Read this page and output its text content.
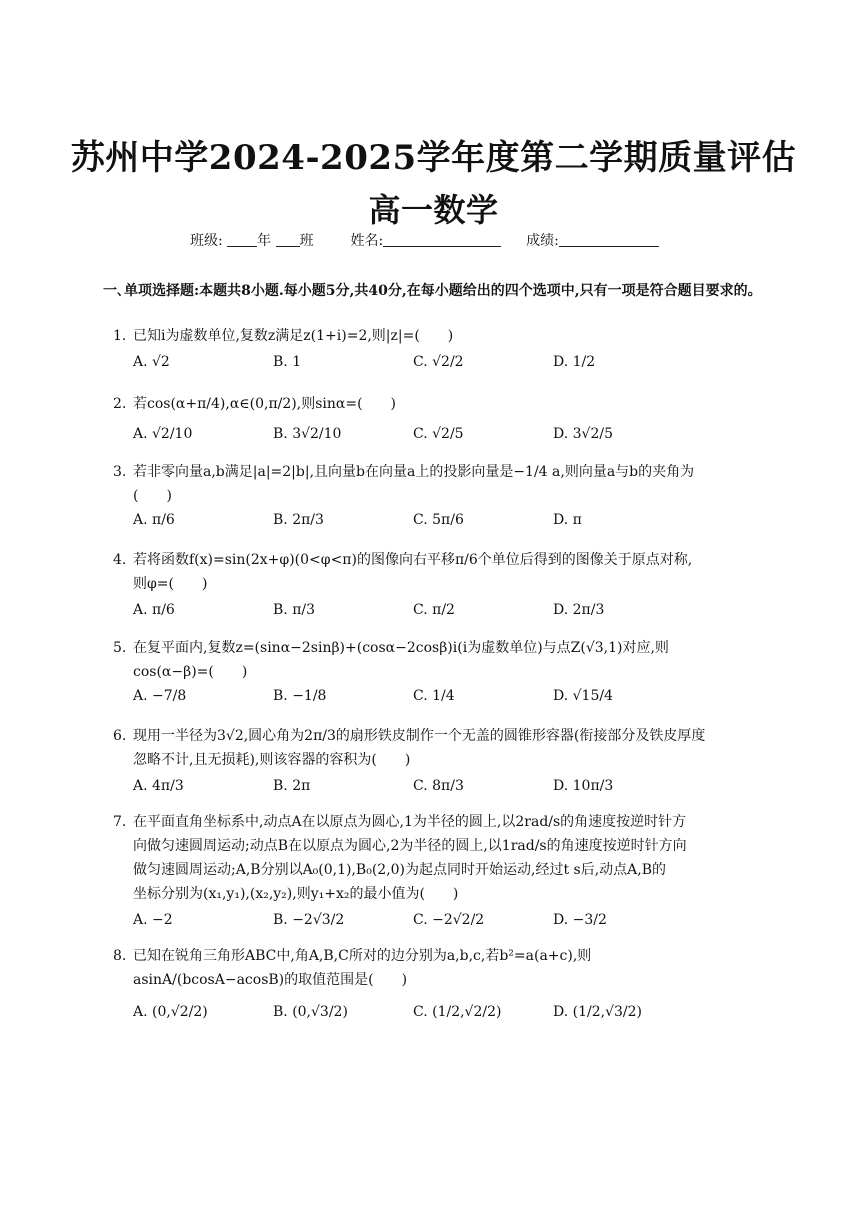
苏州中学2024-2025学年度第二学期质量评估
高一数学
班级: 年 班	姓名:	成绩:
一､单项选择题:本题共8小题.每小题5分,共40分,在每小题给出的四个选项中,只有一项是符合题目要求的。
1. 已知i为虚数单位,复数z满足z(1+i)=2,则|z|=(　　)
A. √2	B. 1	C. √2/2	D. 1/2
2. 若cos(α+π/4),α∈(0,π/2),则sinα=(　　)
A. √2/10	B. 3√2/10	C. √2/5	D. 3√2/5
3. 若非零向量a,b满足|a|=2|b|,且向量b在向量a上的投影向量是−1/4 a,则向量a与b的夹角为
(　　)
A. π/6	B. 2π/3	C. 5π/6	D. π
4. 若将函数f(x)=sin(2x+φ)(0<φ<π)的图像向右平移π/6个单位后得到的图像关于原点对称,
则φ=(　　)
A. π/6	B. π/3	C. π/2	D. 2π/3
5. 在复平面内,复数z=(sinα−2sinβ)+(cosα−2cosβ)i(i为虚数单位)与点Z(√3,1)对应,则
cos(α−β)=(　　)
A. −7/8	B. −1/8	C. 1/4	D. √15/4
6. 现用一半径为3√2,圆心角为2π/3的扇形铁皮制作一个无盖的圆锥形容器(衔接部分及铁皮厚度
忽略不计,且无损耗),则该容器的容积为(　　)
A. 4π/3	B. 2π	C. 8π/3	D. 10π/3
7. 在平面直角坐标系中,动点A在以原点为圆心,1为半径的圆上,以2rad/s的角速度按逆时针方
向做匀速圆周运动;动点B在以原点为圆心,2为半径的圆上,以1rad/s的角速度按逆时针方向
做匀速圆周运动;A,B分别以A₀(0,1),B₀(2,0)为起点同时开始运动,经过t s后,动点A,B的
坐标分别为(x₁,y₁),(x₂,y₂),则y₁+x₂的最小值为(　　)
A. −2	B. −2√3/2	C. −2√2/2	D. −3/2
8. 已知在锐角三角形ABC中,角A,B,C所对的边分别为a,b,c,若b²=a(a+c),则
asinA/(bcosA−acosB)的取值范围是(　　)
A. (0,√2/2)	B. (0,√3/2)	C. (1/2,√2/2)	D. (1/2,√3/2)
